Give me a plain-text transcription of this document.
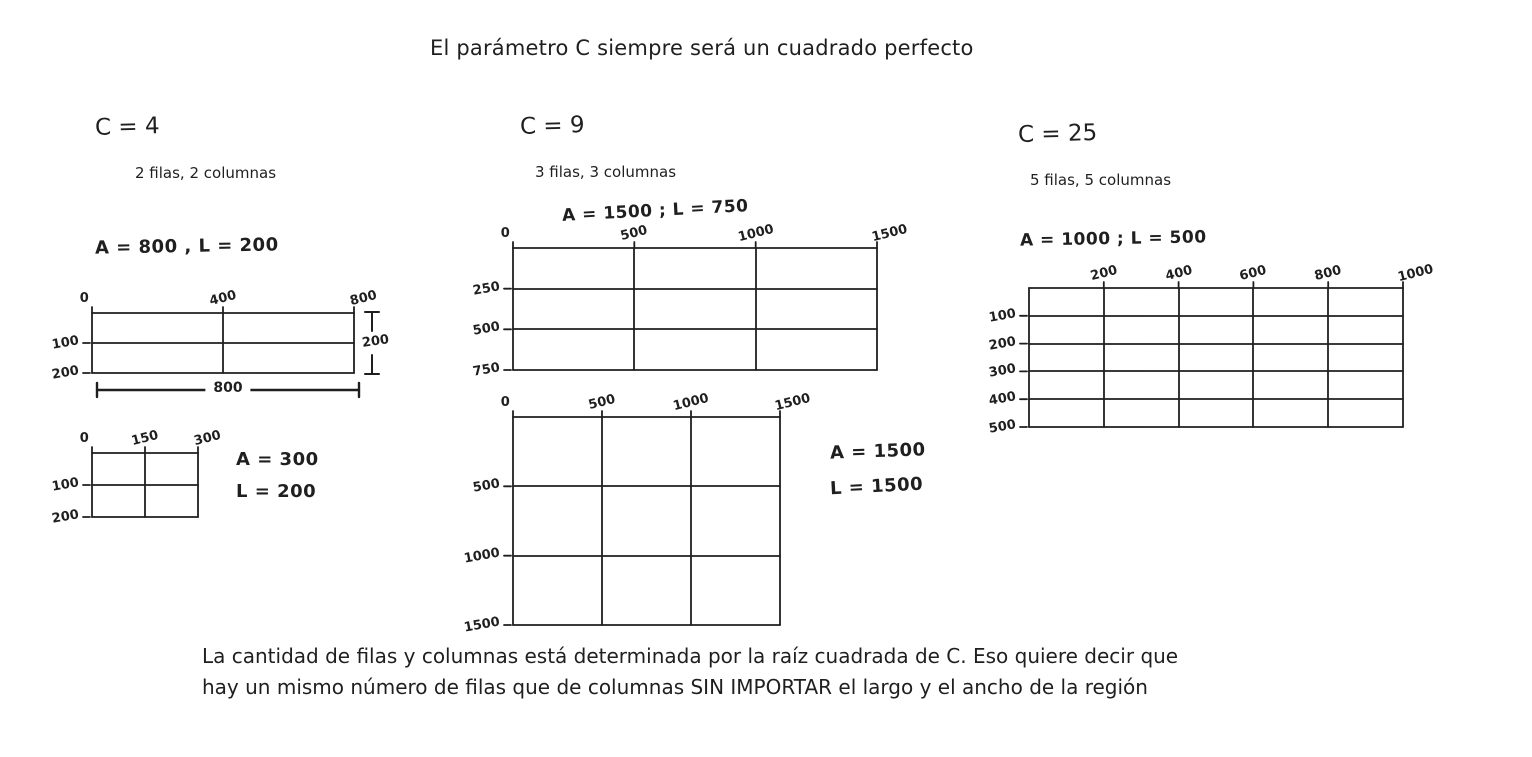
El parámetro C siempre será un cuadrado perfecto
C = 4
2 filas, 2 columnas
A = 800 , L = 200
0	400	800
100
200
200
800
0	150	300
100
200
A = 300
L = 200
C = 9
3 filas, 3 columnas
A = 1500 ; L = 750
0	500	1000	1500
250
500
750
0	500	1000	1500
500
1000
1500
A = 1500
L = 1500
C = 25
5 filas, 5 columnas
A = 1000 ; L = 500
200	400	600	800	1000
100
200
300
400
500
La cantidad de filas y columnas está determinada por la raíz cuadrada de C. Eso quiere decir que
hay un mismo número de filas que de columnas SIN IMPORTAR el largo y el ancho de la región
